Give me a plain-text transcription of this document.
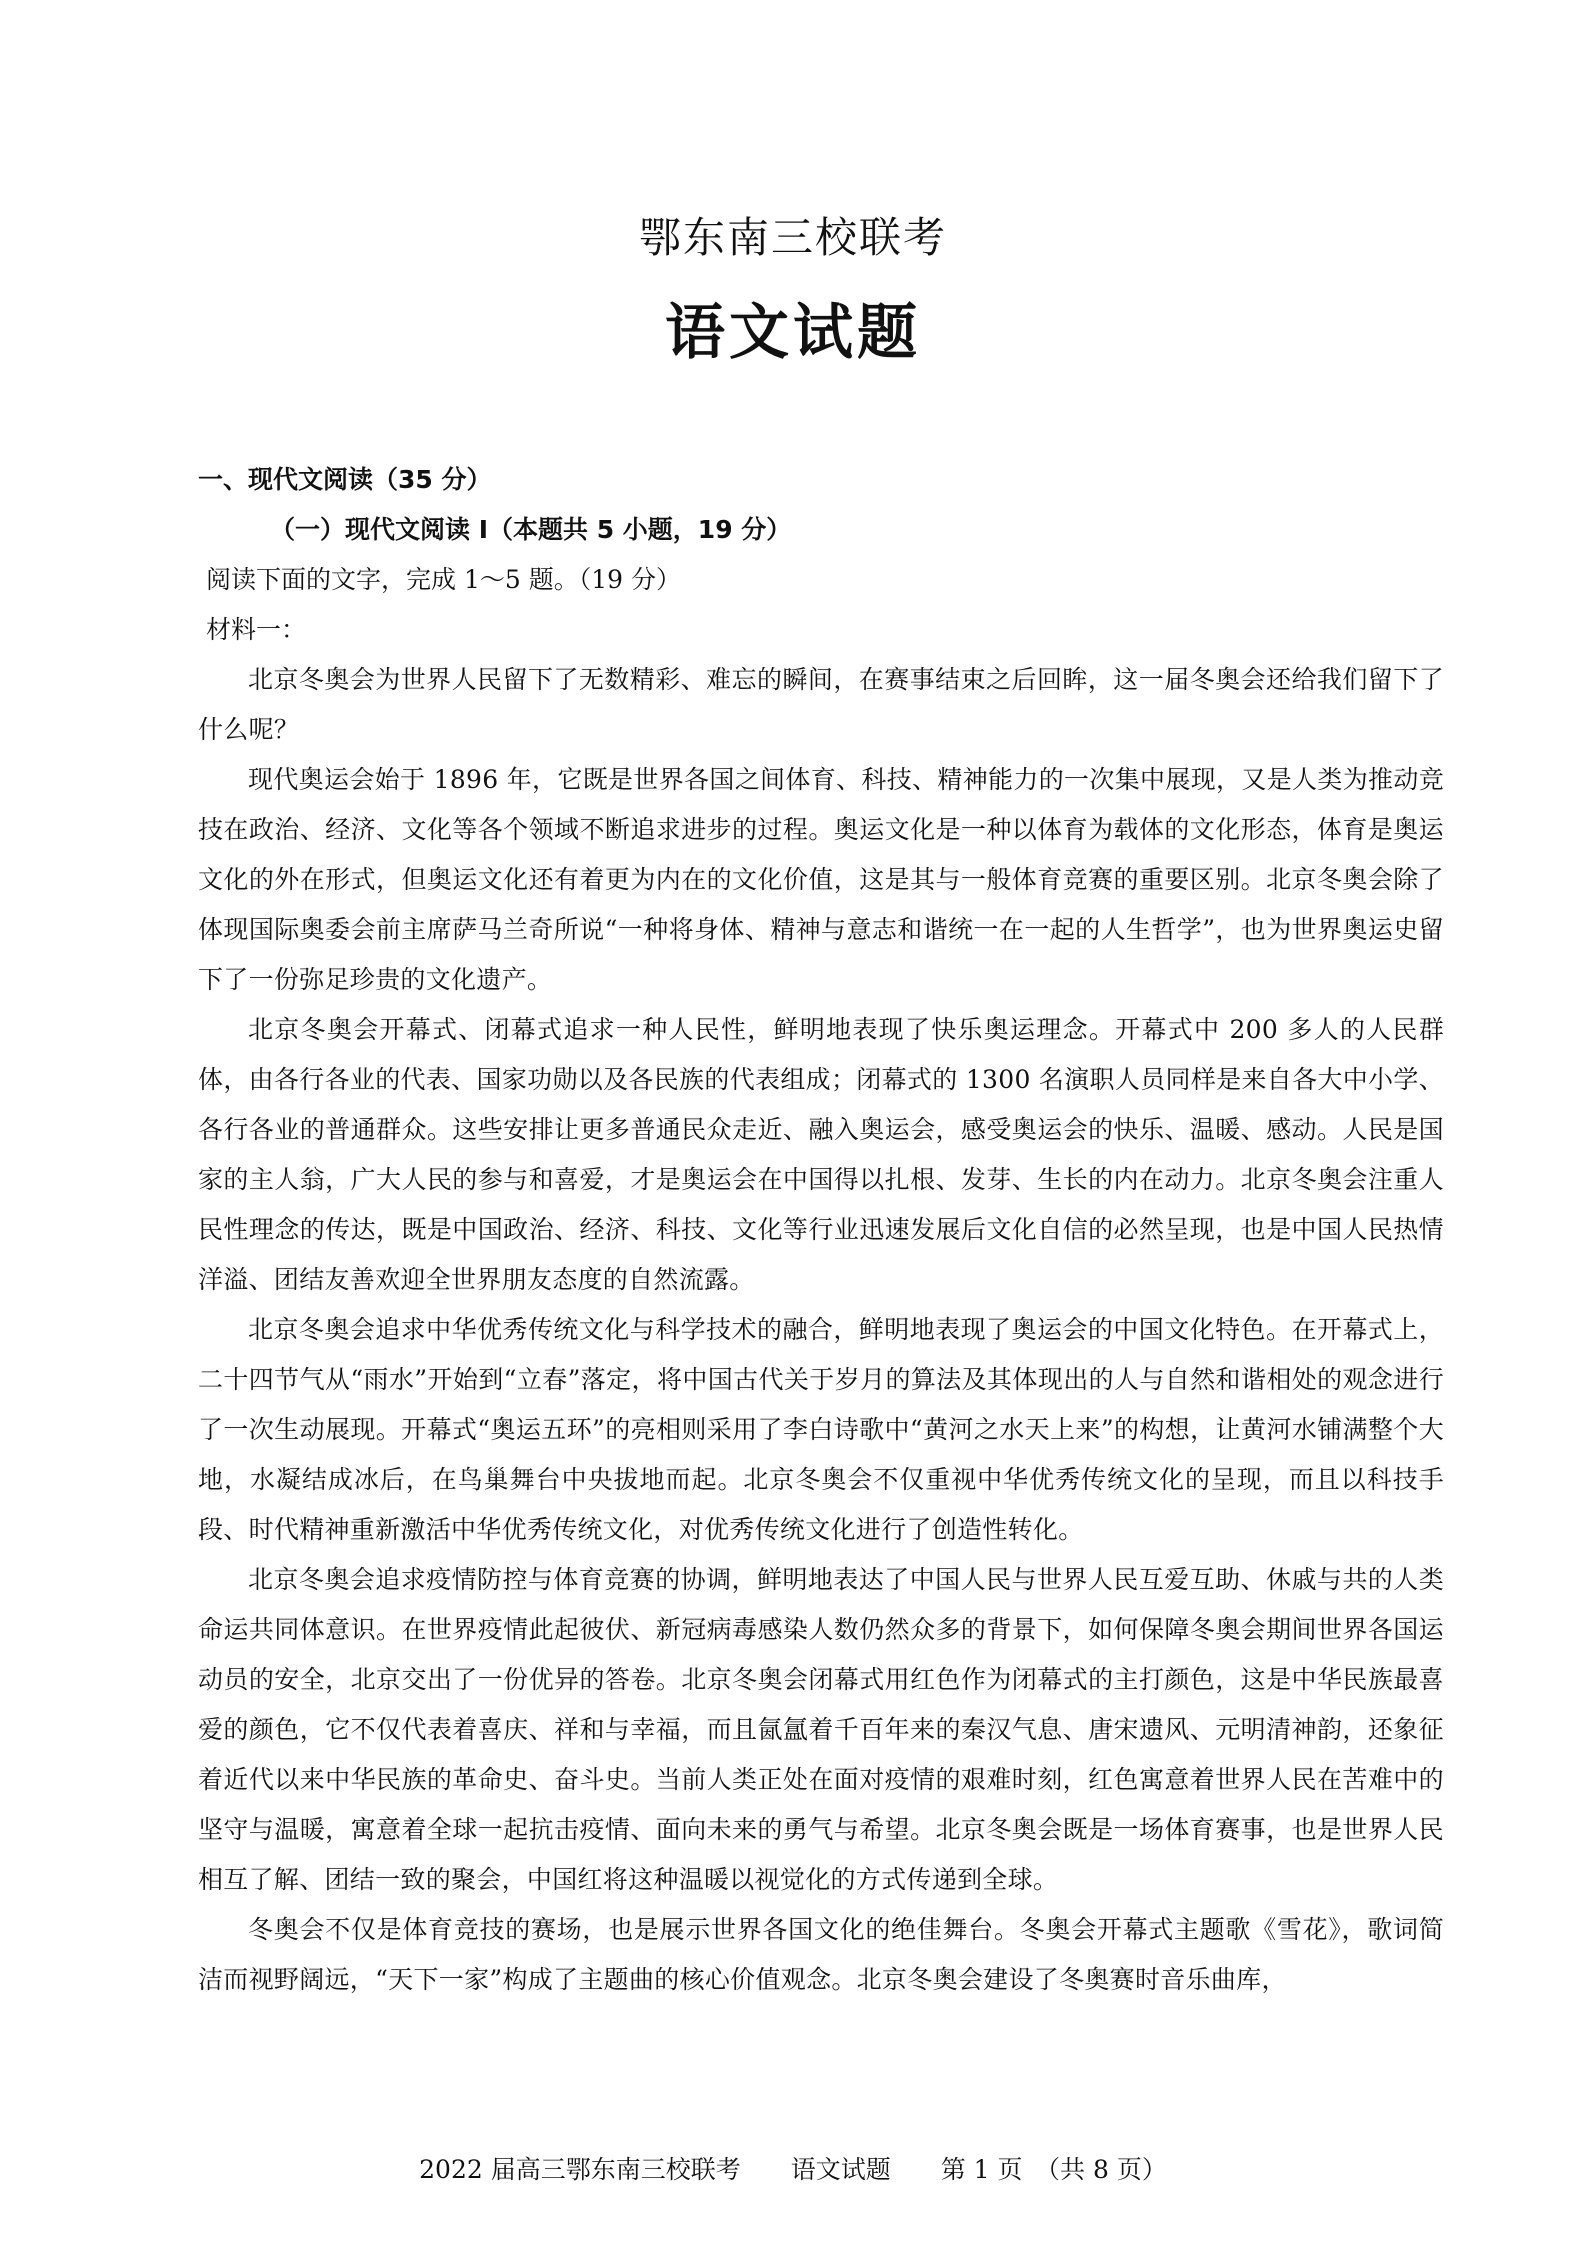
鄂东南三校联考
语文试题

一、现代文阅读（35 分）

（一）现代文阅读 I（本题共 5 小题，19 分）

阅读下面的文字，完成 1～5 题。（19 分）

材料一：

北京冬奥会为世界人民留下了无数精彩、难忘的瞬间，在赛事结束之后回眸，这一届冬奥会还给我们留下了什么呢？

现代奥运会始于 1896 年，它既是世界各国之间体育、科技、精神能力的一次集中展现，又是人类为推动竞技在政治、经济、文化等各个领域不断追求进步的过程。奥运文化是一种以体育为载体的文化形态，体育是奥运文化的外在形式，但奥运文化还有着更为内在的文化价值，这是其与一般体育竞赛的重要区别。北京冬奥会除了体现国际奥委会前主席萨马兰奇所说“一种将身体、精神与意志和谐统一在一起的人生哲学”，也为世界奥运史留下了一份弥足珍贵的文化遗产。

北京冬奥会开幕式、闭幕式追求一种人民性，鲜明地表现了快乐奥运理念。开幕式中 200 多人的人民群体，由各行各业的代表、国家功勋以及各民族的代表组成；闭幕式的 1300 名演职人员同样是来自各大中小学、各行各业的普通群众。这些安排让更多普通民众走近、融入奥运会，感受奥运会的快乐、温暖、感动。人民是国家的主人翁，广大人民的参与和喜爱，才是奥运会在中国得以扎根、发芽、生长的内在动力。北京冬奥会注重人民性理念的传达，既是中国政治、经济、科技、文化等行业迅速发展后文化自信的必然呈现，也是中国人民热情洋溢、团结友善欢迎全世界朋友态度的自然流露。

北京冬奥会追求中华优秀传统文化与科学技术的融合，鲜明地表现了奥运会的中国文化特色。在开幕式上，二十四节气从“雨水”开始到“立春”落定，将中国古代关于岁月的算法及其体现出的人与自然和谐相处的观念进行了一次生动展现。开幕式“奥运五环”的亮相则采用了李白诗歌中“黄河之水天上来”的构想，让黄河水铺满整个大地，水凝结成冰后，在鸟巢舞台中央拔地而起。北京冬奥会不仅重视中华优秀传统文化的呈现，而且以科技手段、时代精神重新激活中华优秀传统文化，对优秀传统文化进行了创造性转化。

北京冬奥会追求疫情防控与体育竞赛的协调，鲜明地表达了中国人民与世界人民互爱互助、休戚与共的人类命运共同体意识。在世界疫情此起彼伏、新冠病毒感染人数仍然众多的背景下，如何保障冬奥会期间世界各国运动员的安全，北京交出了一份优异的答卷。北京冬奥会闭幕式用红色作为闭幕式的主打颜色，这是中华民族最喜爱的颜色，它不仅代表着喜庆、祥和与幸福，而且氤氲着千百年来的秦汉气息、唐宋遗风、元明清神韵，还象征着近代以来中华民族的革命史、奋斗史。当前人类正处在面对疫情的艰难时刻，红色寓意着世界人民在苦难中的坚守与温暖，寓意着全球一起抗击疫情、面向未来的勇气与希望。北京冬奥会既是一场体育赛事，也是世界人民相互了解、团结一致的聚会，中国红将这种温暖以视觉化的方式传递到全球。

冬奥会不仅是体育竞技的赛场，也是展示世界各国文化的绝佳舞台。冬奥会开幕式主题歌《雪花》，歌词简洁而视野阔远，“天下一家”构成了主题曲的核心价值观念。北京冬奥会建设了冬奥赛时音乐曲库，

2022 届高三鄂东南三校联考　　语文试题　　第 1 页　（共 8 页）
